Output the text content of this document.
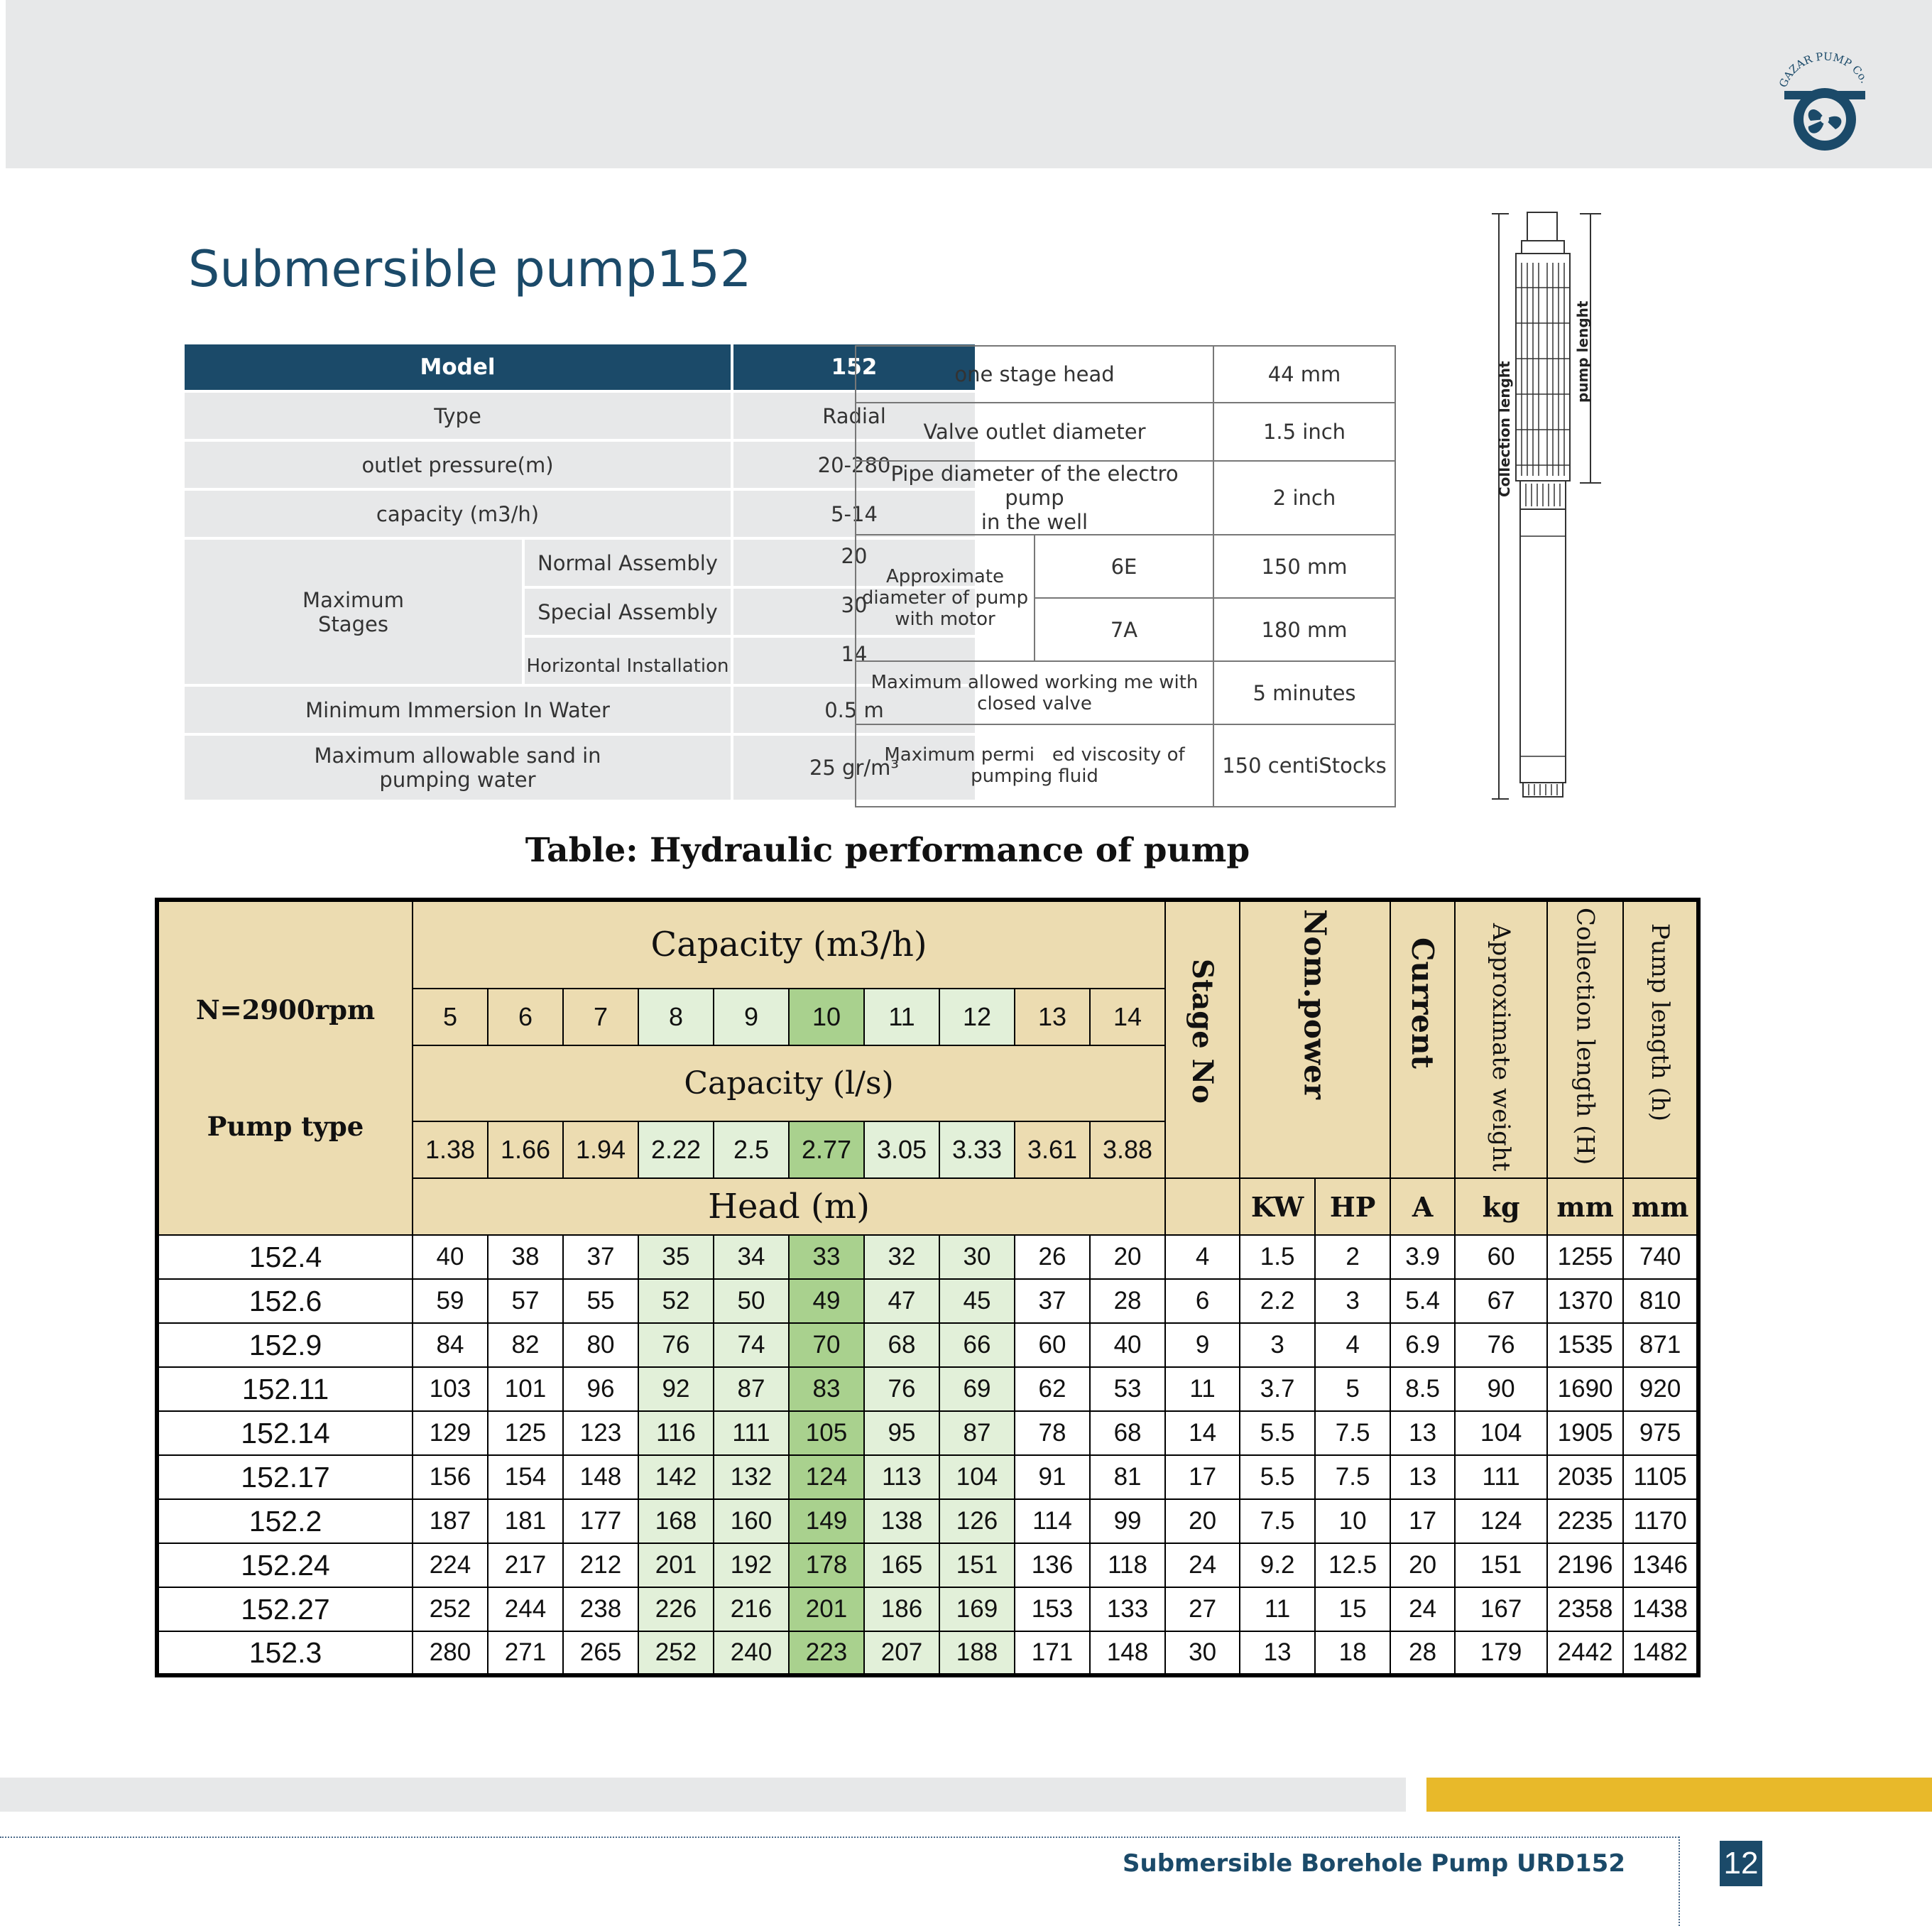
GAZAR PUMP Co.
Submersible pump152
Model		152
Type		Radial
outlet pressure(m)		20-280
capacity (m3/h)		5-14

Maximum
Stages	Normal Assembly	20
	Special Assembly	30
	Horizontal Installation	14
Minimum Immersion In Water		0.5 m

Maximum allowable sand in
pumping water		25 gr/m³
one stage head		44 mm
Valve outlet diameter		1.5 inch

Pipe diameter of the electro pump
in the well		2 inch

Approximate
diameter of pump
with motor	6E	150 mm
	7A	180 mm

Maximum allowed working me with
closed valve		5 minutes

Maximum permi   ed viscosity of
pumping fluid		150 centiStocks
Collection lenght
pump lenght
Table: Hydraulic performance of pump
N=2900rpm
Pump type	Capacity (m3/h)										Stage No	Nom.power		Current	Approximate weight	Collection length (H)	Pump length (h)
	5	6	7	8	9	10	11	12	13	14							
	Capacity (l/s)																
	1.38	1.66	1.94	2.22	2.5	2.77	3.05	3.33	3.61	3.88							
	Head (m)											KW	HP	A	kg	mm	mm
152.4	40	38	37	35	34	33	32	30	26	20	4	1.5	2	3.9	60	1255	740
152.6	59	57	55	52	50	49	47	45	37	28	6	2.2	3	5.4	67	1370	810
152.9	84	82	80	76	74	70	68	66	60	40	9	3	4	6.9	76	1535	871
152.11	103	101	96	92	87	83	76	69	62	53	11	3.7	5	8.5	90	1690	920
152.14	129	125	123	116	111	105	95	87	78	68	14	5.5	7.5	13	104	1905	975
152.17	156	154	148	142	132	124	113	104	91	81	17	5.5	7.5	13	111	2035	1105
152.2	187	181	177	168	160	149	138	126	114	99	20	7.5	10	17	124	2235	1170
152.24	224	217	212	201	192	178	165	151	136	118	24	9.2	12.5	20	151	2196	1346
152.27	252	244	238	226	216	201	186	169	153	133	27	11	15	24	167	2358	1438
152.3	280	271	265	252	240	223	207	188	171	148	30	13	18	28	179	2442	1482
Submersible Borehole Pump URD152	12
